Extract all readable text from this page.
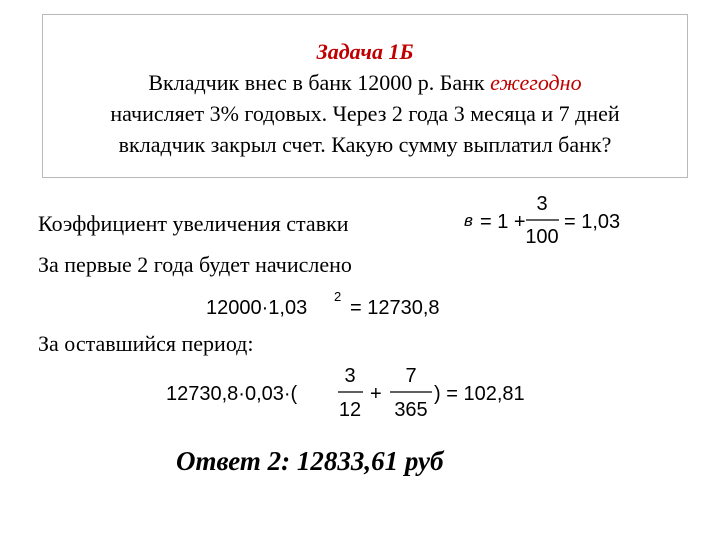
Задача 1Б
Вкладчик внес в банк 12000 р. Банк ежегодно
начисляет 3% годовых. Через 2 года 3 месяца и 7 дней
вкладчик закрыл счет. Какую сумму выплатил банк?
Коэффициент увеличения ставки	в = 1 +
3
100
= 1,03
За первые 2 года будет начислено
12000·1,03
2
= 12730,8
За оставшийся период:
12730,8·0,03·(
3
12
+
7
365
) = 102,81
Ответ 2: 12833,61 руб
